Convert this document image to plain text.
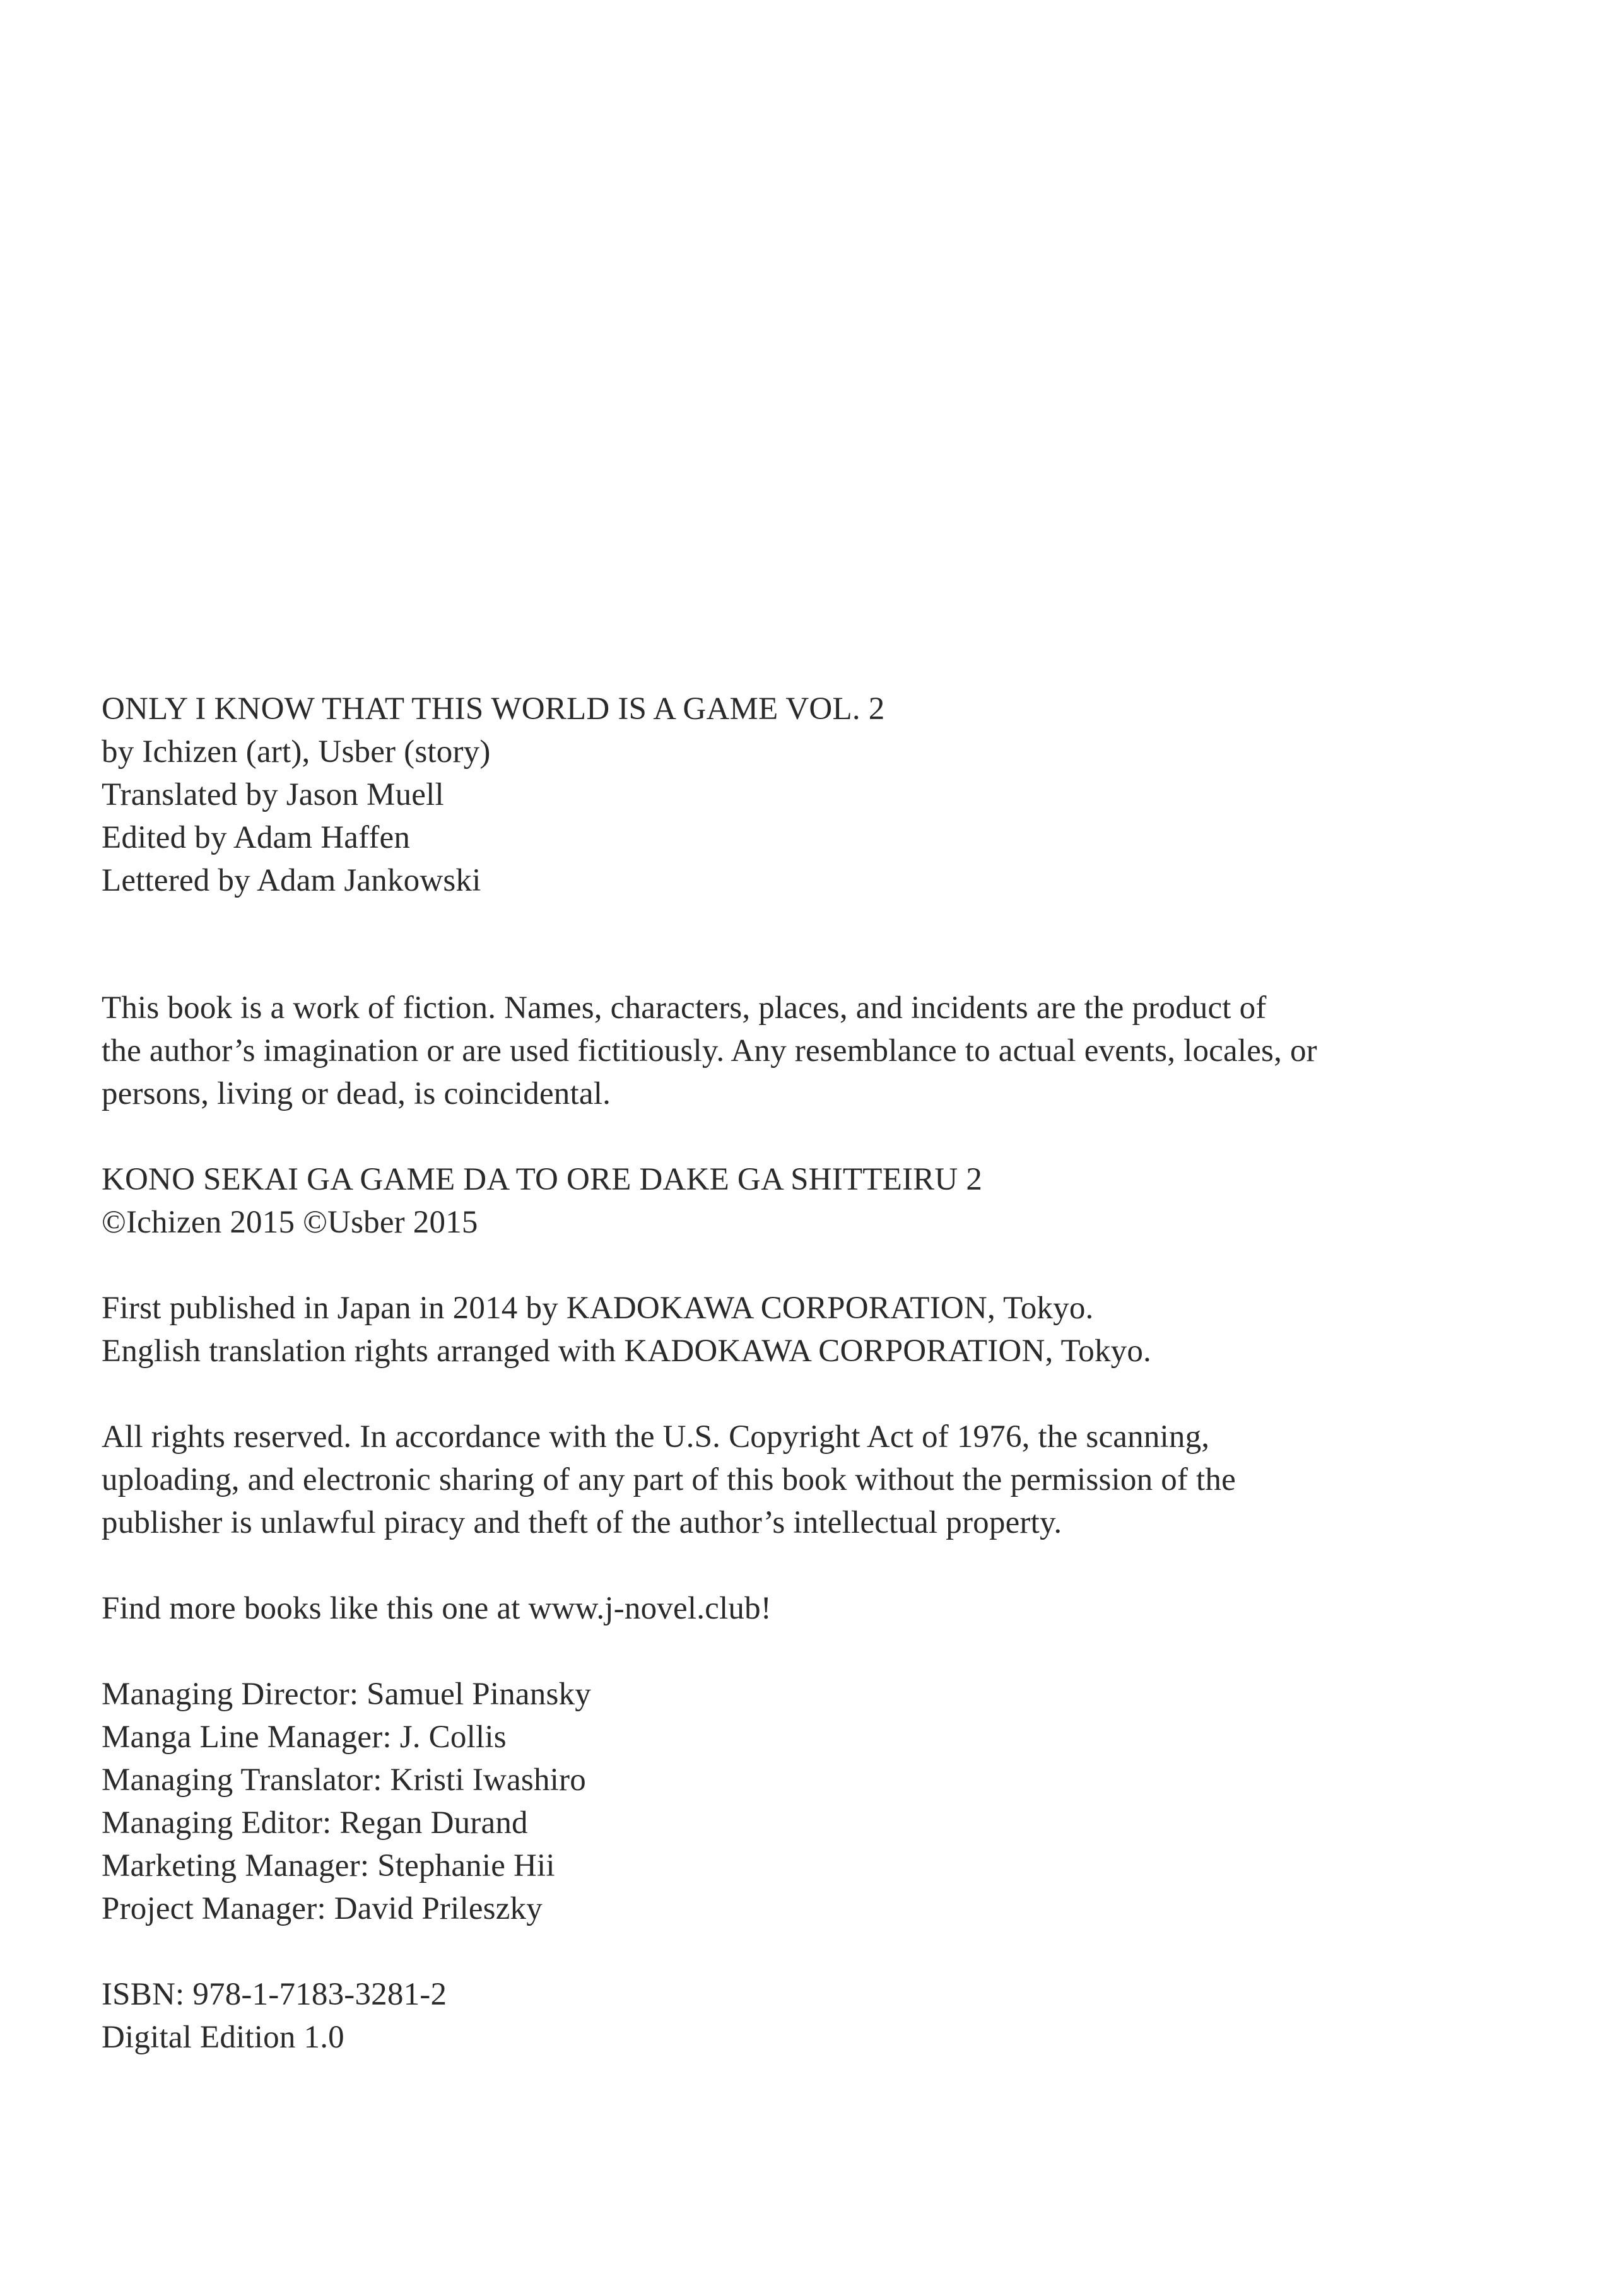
ONLY I KNOW THAT THIS WORLD IS A GAME VOL. 2
by Ichizen (art), Usber (story)
Translated by Jason Muell
Edited by Adam Haffen
Lettered by Adam Jankowski
This book is a work of fiction. Names, characters, places, and incidents are the product of
the author’s imagination or are used fictitiously. Any resemblance to actual events, locales, or
persons, living or dead, is coincidental.
KONO SEKAI GA GAME DA TO ORE DAKE GA SHITTEIRU 2
©Ichizen 2015 ©Usber 2015
First published in Japan in 2014 by KADOKAWA CORPORATION, Tokyo.
English translation rights arranged with KADOKAWA CORPORATION, Tokyo.
All rights reserved. In accordance with the U.S. Copyright Act of 1976, the scanning,
uploading, and electronic sharing of any part of this book without the permission of the
publisher is unlawful piracy and theft of the author’s intellectual property.
Find more books like this one at www.j-novel.club!
Managing Director: Samuel Pinansky
Manga Line Manager: J. Collis
Managing Translator: Kristi Iwashiro
Managing Editor: Regan Durand
Marketing Manager: Stephanie Hii
Project Manager: David Prileszky
ISBN: 978-1-7183-3281-2
Digital Edition 1.0
